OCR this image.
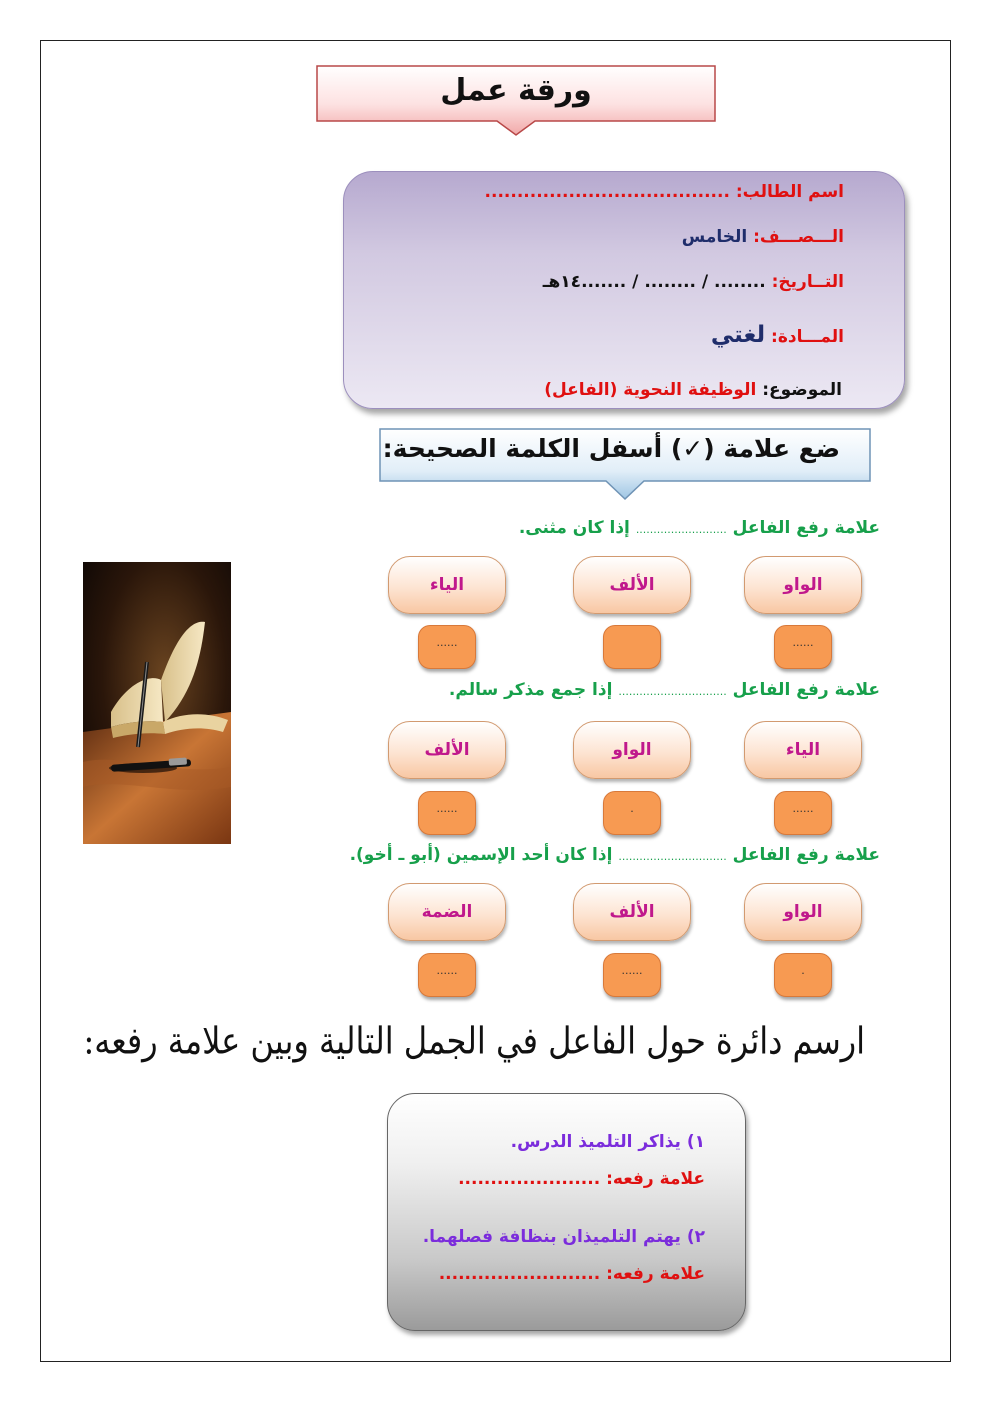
ورقة عمل
اسم الطالب: ......................................
الـــصـــف: الخامس
التــاريخ: ........ / ........ / .......١٤هـ
المـــادة: لغتي
الموضوع: الوظيفة النحوية (الفاعل)
ضع علامة (✓) أسفل الكلمة الصحيحة:
علامة رفع الفاعل .......................... إذا كان مثنى.
الواو
الألف
الياء
......
......
علامة رفع الفاعل ............................... إذا جمع مذكر سالم.
الياء
الواو
الألف
......
.
......
علامة رفع الفاعل ............................... إذا كان أحد الإسمين (أبو ـ أخو).
الواو
الألف
الضمة
.
......
......
ارسم دائرة حول الفاعل في الجمل التالية وبين علامة رفعه:
١) يذاكر التلميذ الدرس.
علامة رفعه: ......................
٢) يهتم التلميذان بنظافة فصلهما.
علامة رفعه: .........................
